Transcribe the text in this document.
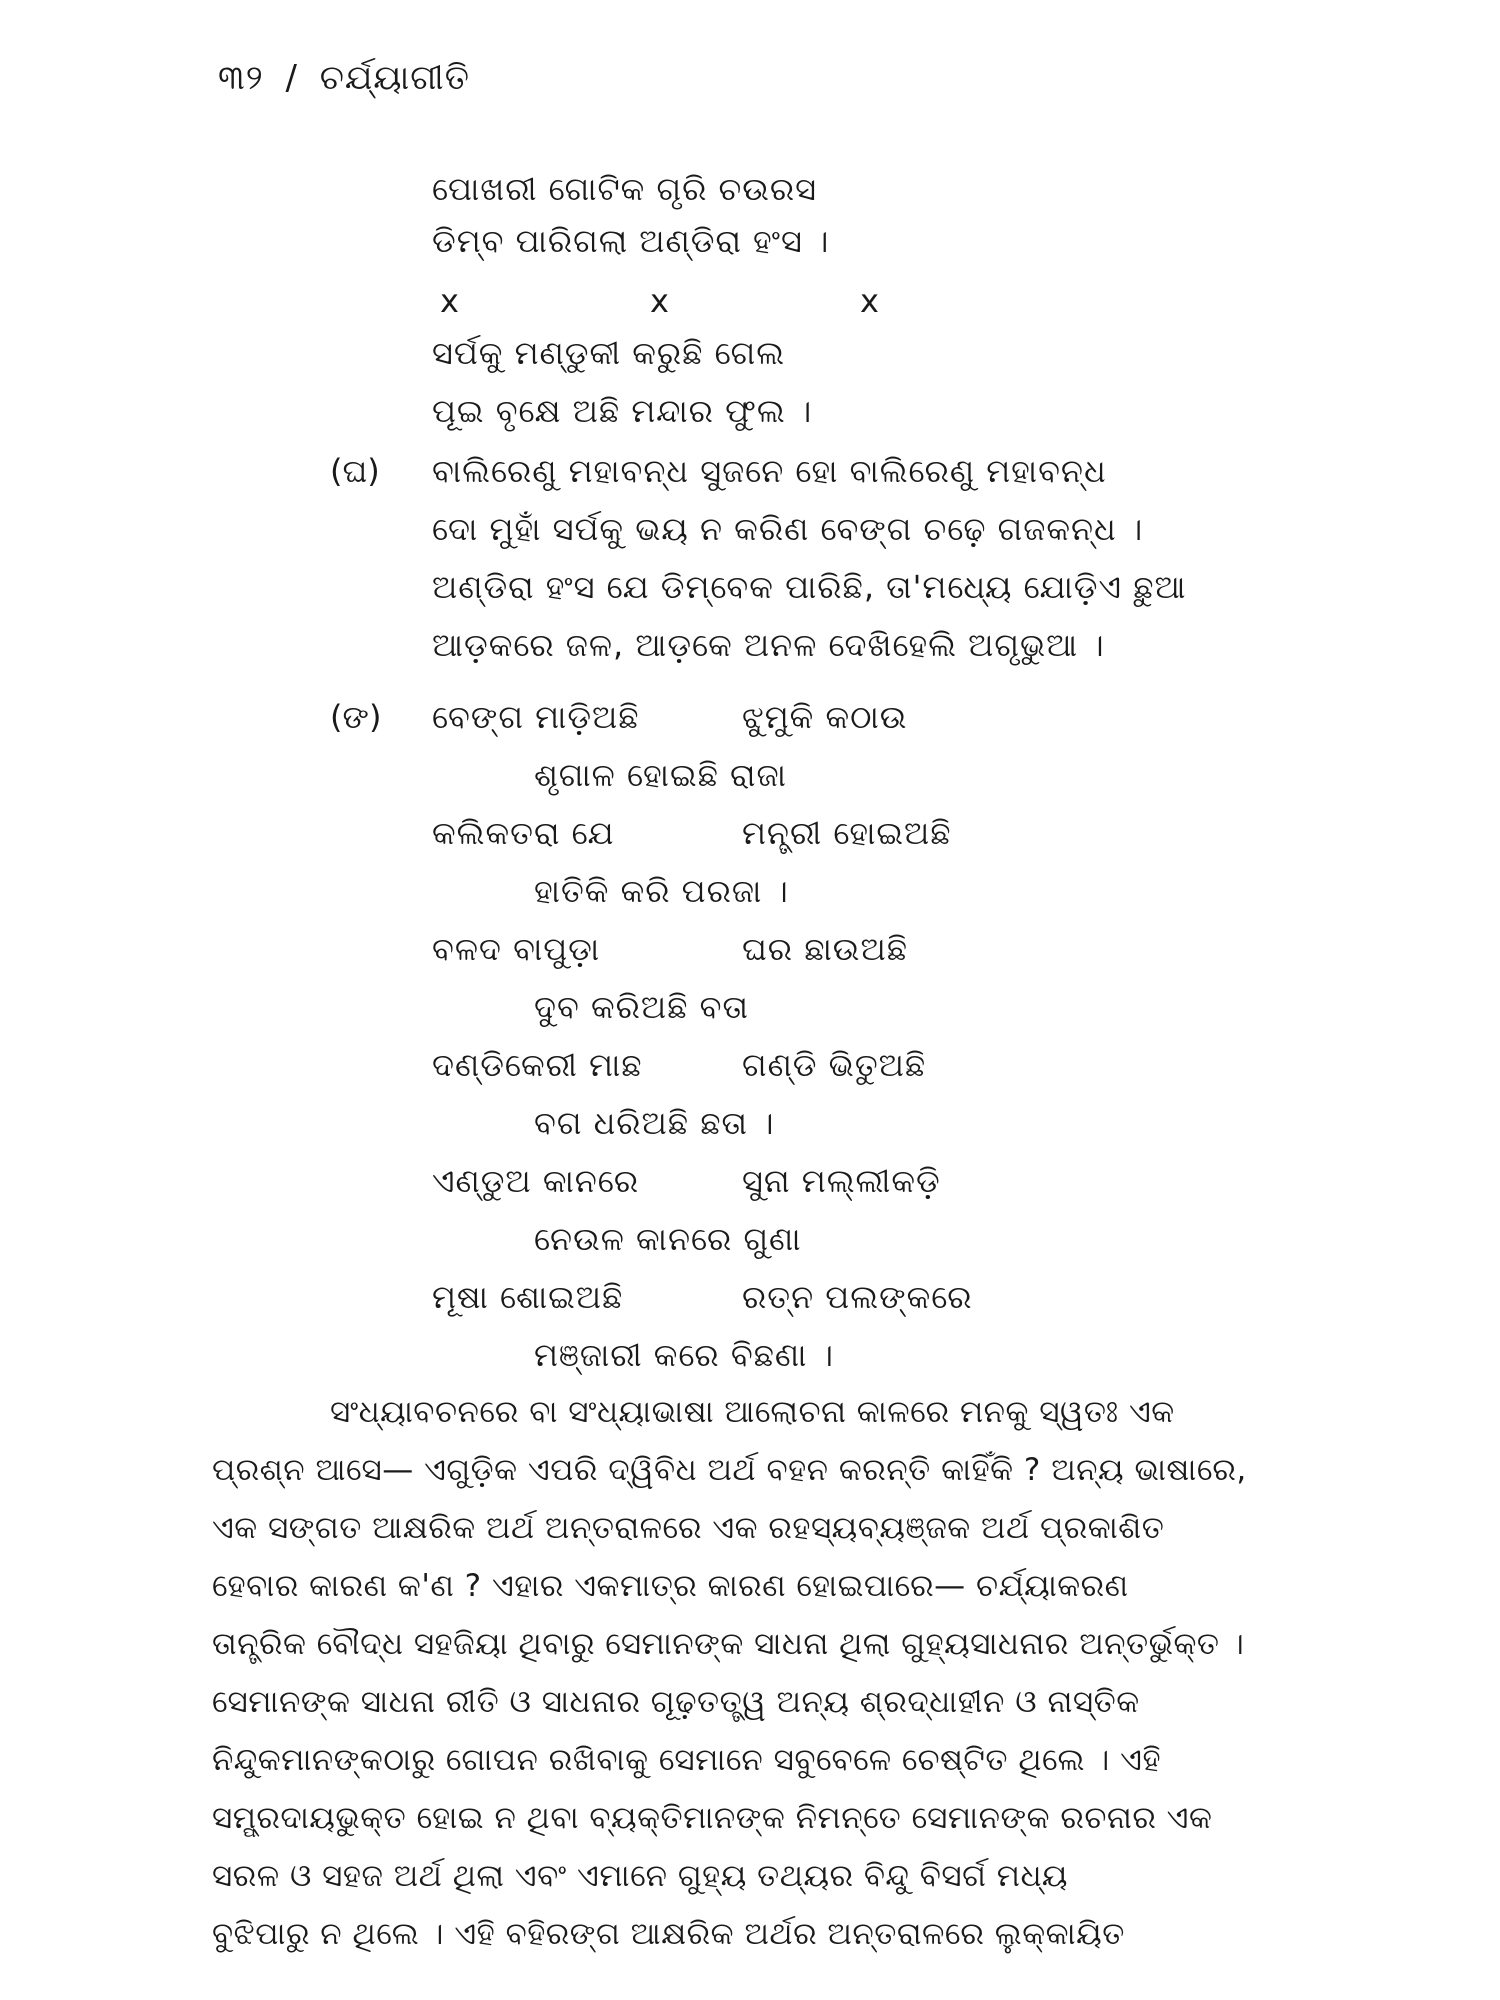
୩୨ / ଚର୍ଯ୍ୟାଗୀତି
ପୋଖରୀ ଗୋଟିକ ଗୃରି ଚଉରସ
ଡିମ୍ବ ପାରିଗଲା ଅଣ୍ଡିରା ହଂସ ।
x	x	x
ସର୍ପକୁ ମଣ୍ଡୁକୀ କରୁଛି ଗେଲ
ପୂଇ ବୃକ୍ଷେ ଅଛି ମନ୍ଦାର ଫୁଲ ।
(ଘ) ବାଲିରେଣୁ ମହାବନ୍ଧ ସୁଜନେ ହୋ ବାଲିରେଣୁ ମହାବନ୍ଧ
ଦୋ ମୁହାଁ ସର୍ପକୁ ଭୟ ନ କରିଣ ବେଙ୍ଗ ଚଢ଼େ ଗଜକନ୍ଧ ।
ଅଣ୍ଡିରା ହଂସ ଯେ ଡିମ୍ବେକ ପାରିଛି, ତା'ମଧ୍ୟେ ଯୋଡ଼ିଏ ଛୁଆ
ଆଡ଼କରେ ଜଳ, ଆଡ଼କେ ଅନଳ ଦେଖିହେଲି ଅଗୃଭୁଆ ।
(ଙ) ବେଙ୍ଗ ମାଡ଼ିଅଛି	ଝୁମୁକି କଠାଉ
ଶୃଗାଳ ହୋଇଛି ରାଜା
କଲିକତରା ଯେ	ମନ୍ତ୍ରୀ ହୋଇଅଛି
ହାତିକି କରି ପରଜା ।
ବଳଦ ବାପୁଡ଼ା	ଘର ଛାଉଅଛି
ଦୁବ କରିଅଛି ବତା
ଦଣ୍ଡିକେରୀ ମାଛ	ଗଣ୍ଡି ଭିତୁଅଛି
ବଗ ଧରିଅଛି ଛତା ।
ଏଣ୍ଡୁଅ କାନରେ	ସୁନା ମଲ୍ଲୀକଡ଼ି
ନେଉଳ କାନରେ ଗୁଣା
ମୂଷା ଶୋଇଅଛି	ରତ୍ନ ପଲଙ୍କରେ
ମଞ୍ଜାରୀ କରେ ବିଛଣା ।
ସଂଧ୍ୟାବଚନରେ ବା ସଂଧ୍ୟାଭାଷା ଆଲୋଚନା କାଳରେ ମନକୁ ସ୍ୱତଃ ଏକ
ପ୍ରଶ୍ନ ଆସେ— ଏଗୁଡ଼ିକ ଏପରି ଦ୍ୱିବିଧ ଅର୍ଥ ବହନ କରନ୍ତି କାହିଁକି ? ଅନ୍ୟ ଭାଷାରେ,
ଏକ ସଙ୍ଗତ ଆକ୍ଷରିକ ଅର୍ଥ ଅନ୍ତରାଳରେ ଏକ ରହସ୍ୟବ୍ୟଞ୍ଜକ ଅର୍ଥ ପ୍ରକାଶିତ
ହେବାର କାରଣ କ'ଣ ? ଏହାର ଏକମାତ୍ର କାରଣ ହୋଇପାରେ— ଚର୍ଯ୍ୟାକରଣ
ତାନ୍ତ୍ରିକ ବୌଦ୍ଧ ସହଜିୟା ଥିବାରୁ ସେମାନଙ୍କ ସାଧନା ଥିଲା ଗୁହ୍ୟସାଧନାର ଅନ୍ତର୍ଭୁକ୍ତ ।
ସେମାନଙ୍କ ସାଧନା ରୀତି ଓ ସାଧନାର ଗୂଢ଼ତତ୍ତ୍ୱ ଅନ୍ୟ ଶ୍ରଦ୍ଧାହୀନ ଓ ନାସ୍ତିକ
ନିନ୍ଦୁକମାନଙ୍କଠାରୁ ଗୋପନ ରଖିବାକୁ ସେମାନେ ସବୁବେଳେ ଚେଷ୍ଟିତ ଥିଲେ । ଏହି
ସମ୍ପ୍ରଦାୟଭୁକ୍ତ ହୋଇ ନ ଥିବା ବ୍ୟକ୍ତିମାନଙ୍କ ନିମନ୍ତେ ସେମାନଙ୍କ ରଚନାର ଏକ
ସରଳ ଓ ସହଜ ଅର୍ଥ ଥିଲା ଏବଂ ଏମାନେ ଗୁହ୍ୟ ତଥ୍ୟର ବିନ୍ଦୁ ବିସର୍ଗ ମଧ୍ୟ
ବୁଝିପାରୁ ନ ଥିଲେ । ଏହି ବହିରଙ୍ଗ ଆକ୍ଷରିକ ଅର୍ଥର ଅନ୍ତରାଳରେ ଲୁକ୍କାୟିତ
